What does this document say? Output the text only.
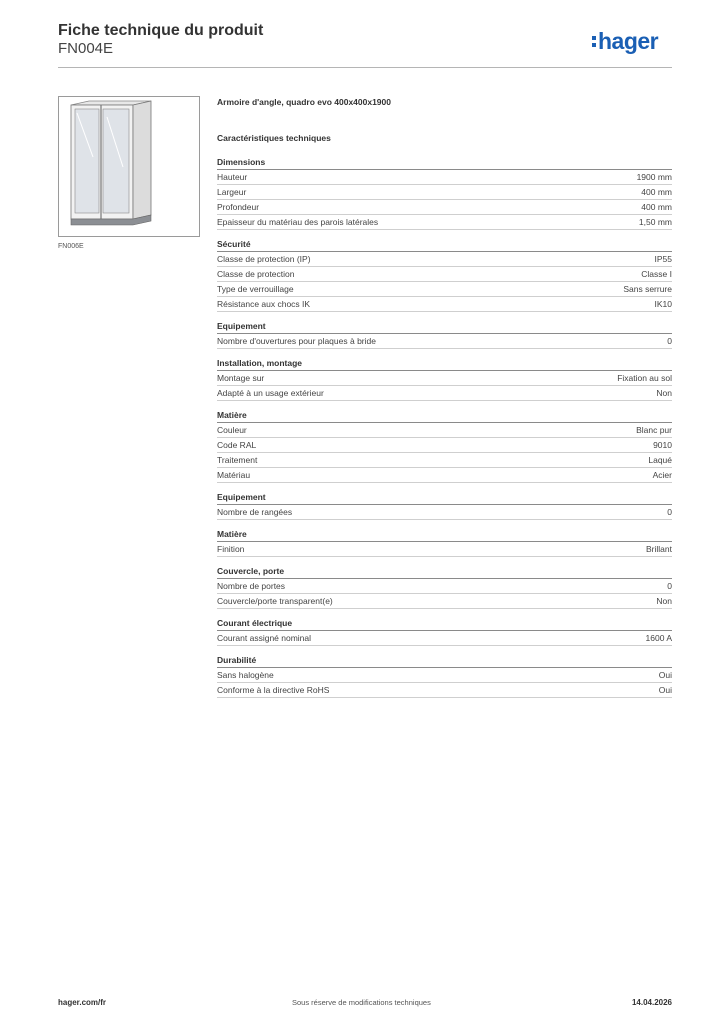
Fiche technique du produit
FN004E	hager
FN006E
Armoire d'angle, quadro evo 400x400x1900
Caractéristiques techniques
Dimensions
Hauteur	1900 mm
Largeur	400 mm
Profondeur	400 mm
Epaisseur du matériau des parois latérales	1,50 mm
Sécurité
Classe de protection (IP)	IP55
Classe de protection	Classe I
Type de verrouillage	Sans serrure
Résistance aux chocs IK	IK10
Equipement
Nombre d'ouvertures pour plaques à bride	0
Installation, montage
Montage sur	Fixation au sol
Adapté à un usage extérieur	Non
Matière
Couleur	Blanc pur
Code RAL	9010
Traitement	Laqué
Matériau	Acier
Equipement
Nombre de rangées	0
Matière
Finition	Brillant
Couvercle, porte
Nombre de portes	0
Couvercle/porte transparent(e)	Non
Courant électrique
Courant assigné nominal	1600 A
Durabilité
Sans halogène	Oui
Conforme à la directive RoHS	Oui
hager.com/fr	Sous réserve de modifications techniques	14.04.2026
